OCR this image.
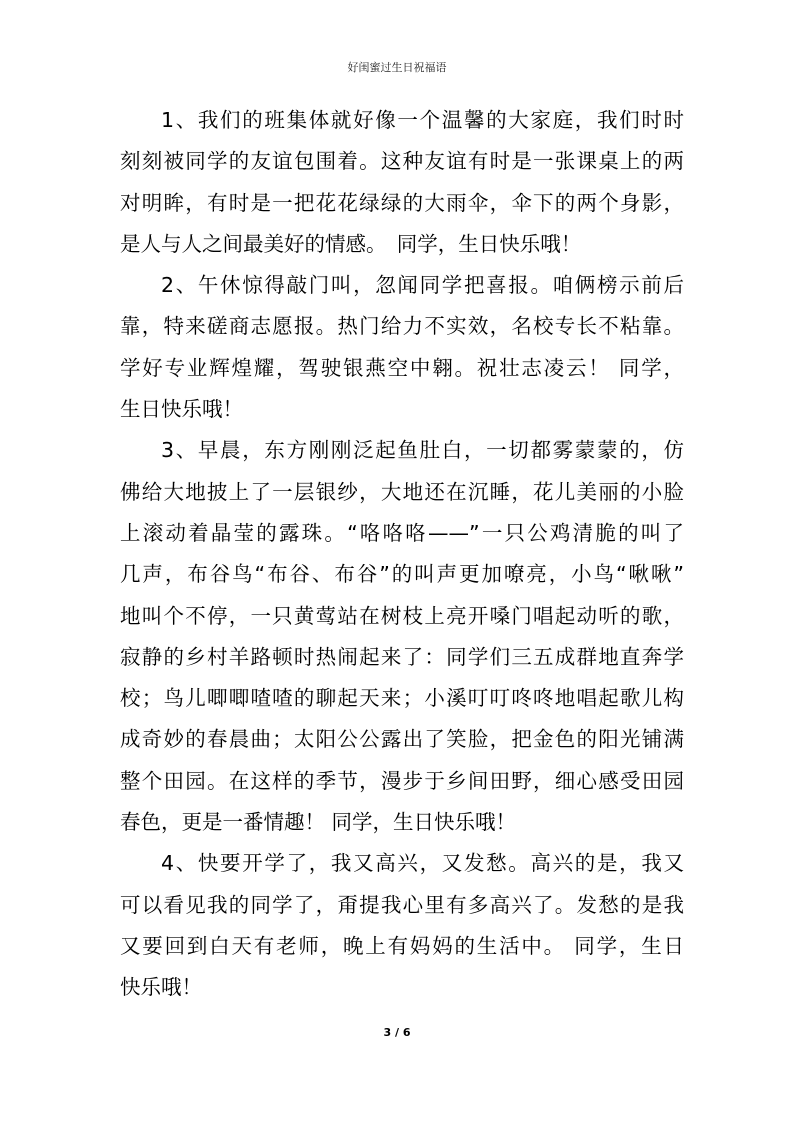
好闺蜜过生日祝福语
1、我们的班集体就好像一个温馨的大家庭，我们时时
刻刻被同学的友谊包围着。这种友谊有时是一张课桌上的两
对明眸，有时是一把花花绿绿的大雨伞，伞下的两个身影，
是人与人之间最美好的情感。　同学，生日快乐哦！
2、午休惊得敲门叫，忽闻同学把喜报。咱俩榜示前后
靠，特来磋商志愿报。热门给力不实效，名校专长不粘靠。
学好专业辉煌耀，驾驶银燕空中翱。祝壮志凌云！ 同学，
生日快乐哦！
3、早晨，东方刚刚泛起鱼肚白，一切都雾蒙蒙的，仿
佛给大地披上了一层银纱，大地还在沉睡，花儿美丽的小脸
上滚动着晶莹的露珠。“咯咯咯——”一只公鸡清脆的叫了
几声，布谷鸟“布谷、布谷”的叫声更加嘹亮，小鸟“啾啾”
地叫个不停，一只黄莺站在树枝上亮开嗓门唱起动听的歌，
寂静的乡村羊路顿时热闹起来了：同学们三五成群地直奔学
校；鸟儿唧唧喳喳的聊起天来；小溪叮叮咚咚地唱起歌儿构
成奇妙的春晨曲；太阳公公露出了笑脸，把金色的阳光铺满
整个田园。在这样的季节，漫步于乡间田野，细心感受田园
春色，更是一番情趣！ 同学，生日快乐哦！
4、快要开学了，我又高兴，又发愁。高兴的是，我又
可以看见我的同学了，甭提我心里有多高兴了。发愁的是我
又要回到白天有老师，晚上有妈妈的生活中。 同学，生日
快乐哦！
3 / 6
